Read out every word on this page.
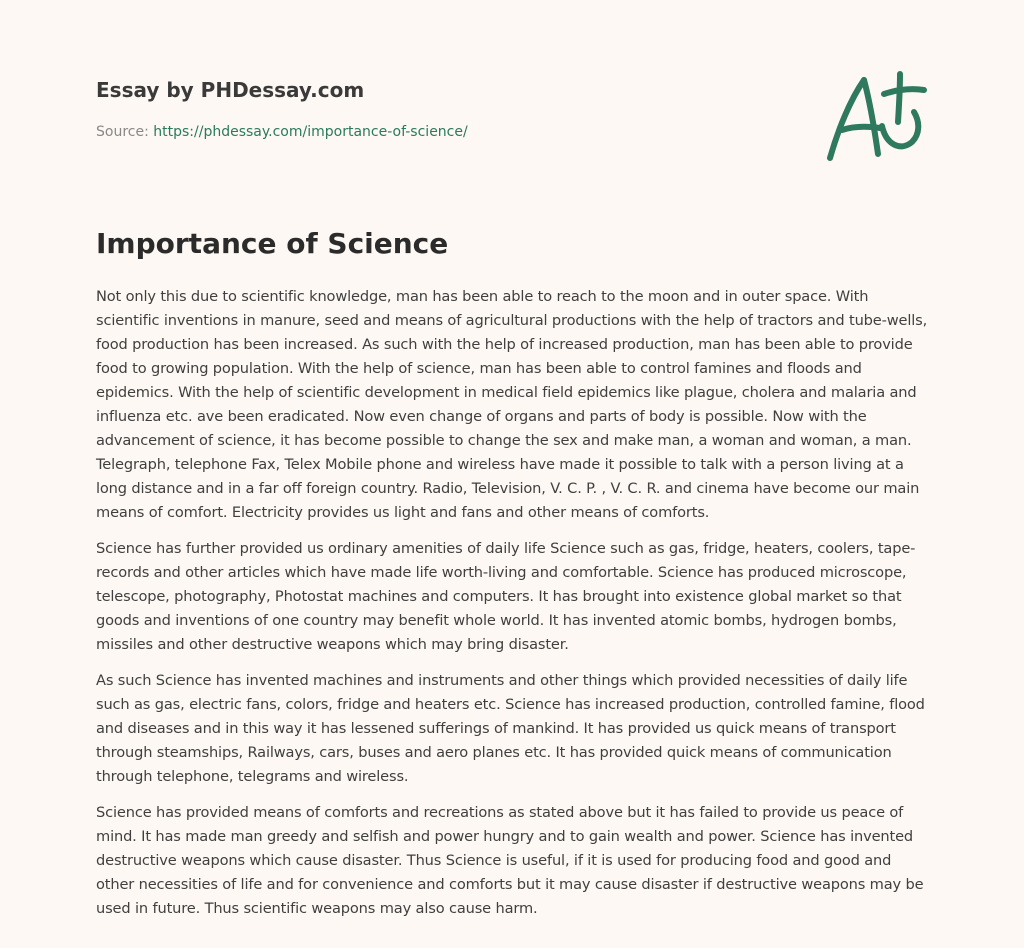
Essay by PHDessay.com
Source: https://phdessay.com/importance-of-science/
Importance of Science

Not only this due to scientific knowledge, man has been able to reach to the moon and in outer space. With scientific inventions in manure, seed and means of agricultural productions with the help of tractors and tube-wells, food production has been increased. As such with the help of increased production, man has been able to provide food to growing population. With the help of science, man has been able to control famines and floods and epidemics. With the help of scientific development in medical field epidemics like plague, cholera and malaria and influenza etc. ave been eradicated. Now even change of organs and parts of body is possible. Now with the advancement of science, it has become possible to change the sex and make man, a woman and woman, a man. Telegraph, telephone Fax, Telex Mobile phone and wireless have made it possible to talk with a person living at a long distance and in a far off foreign country. Radio, Television, V. C. P. , V. C. R. and cinema have become our main means of comfort. Electricity provides us light and fans and other means of comforts.

Science has further provided us ordinary amenities of daily life Science such as gas, fridge, heaters, coolers, tape-records and other articles which have made life worth-living and comfortable. Science has produced microscope, telescope, photography, Photostat machines and computers. It has brought into existence global market so that goods and inventions of one country may benefit whole world. It has invented atomic bombs, hydrogen bombs, missiles and other destructive weapons which may bring disaster.

As such Science has invented machines and instruments and other things which provided necessities of daily life such as gas, electric fans, colors, fridge and heaters etc. Science has increased production, controlled famine, flood and diseases and in this way it has lessened sufferings of mankind. It has provided us quick means of transport through steamships, Railways, cars, buses and aero planes etc. It has provided quick means of communication through telephone, telegrams and wireless.

Science has provided means of comforts and recreations as stated above but it has failed to provide us peace of mind. It has made man greedy and selfish and power hungry and to gain wealth and power. Science has invented destructive weapons which cause disaster. Thus Science is useful, if it is used for producing food and good and other necessities of life and for convenience and comforts but it may cause disaster if destructive weapons may be used in future. Thus scientific weapons may also cause harm.
